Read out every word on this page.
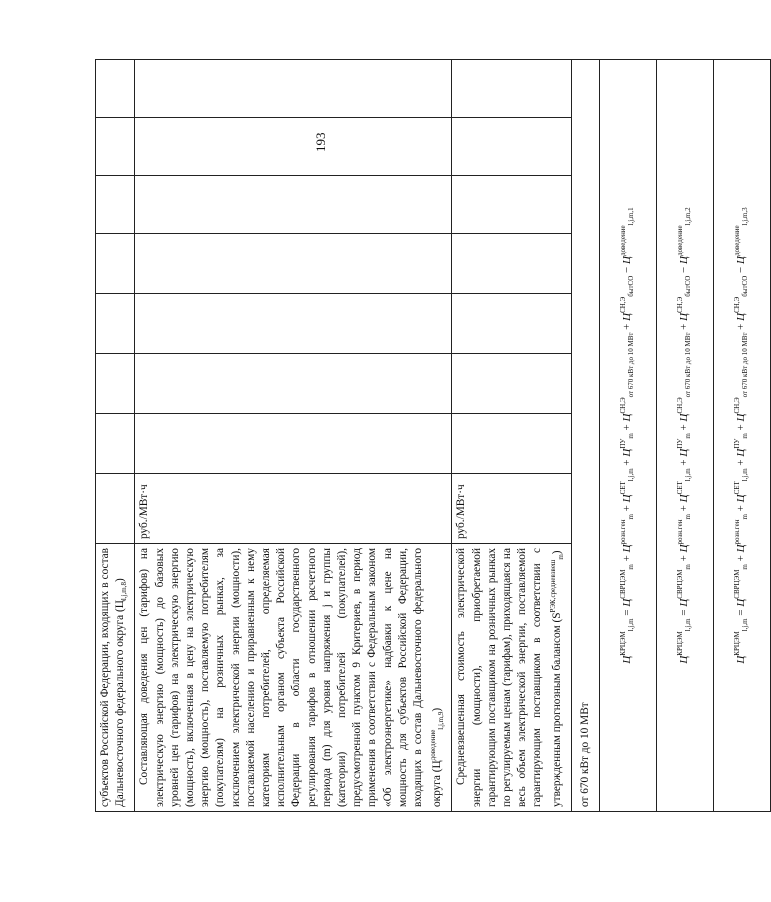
193
субъектов Российской Федерации, входящих в состав Дальневосточного федерального округа $(Ц_{l,j,m,8})$								
Составляющая доведения цен (тарифов) на электрическую энергию (мощность) до базовых уровней цен (тарифов) на электрическую энергию (мощность), включенная в цену на электрическую энергию (мощность), поставляемую потребителям (покупателям) на розничных рынках, за исключением электрической энергии (мощности), поставляемой населению и приравненным к нему категориям потребителей, определяемая исполнительным органом субъекта Российской Федерации в области государственного регулирования тарифов в отношении расчетного периода (m) для уровня напряжения j и группы (категории) потребителей (покупателей), предусмотренной пунктом 9 Критериев, в период применения в соответствии с Федеральным законом «Об электроэнергетике» надбавки к цене на мощность для субъектов Российской Федерации, входящих в состав Дальневосточного федерального округа $(Ц^{доведение}_{l,j,m,9})$	руб./МВт·ч							
Средневзвешенная стоимость электрической энергии (мощности), приобретаемой гарантирующим поставщиком на розничных рынках по регулируемым ценам (тарифам), приходящаяся на весь объем электрической энергии, поставляемой гарантирующим поставщиком в соответствии с утвержденным прогнозным балансом $(S^{РЭК,средневзвеш}_m)$	руб./МВт·ч							
от 670 кВт до 10 МВт								
$Ц^{КРЦЭМ}_{l,j,m} = Ц^{СВРЦЭМ}_m + Ц^{розн.ген}_m + Ц^{СЕТ}_{l,j,m} + Ц^{ПУ}_m + Ц^{СН,Э}_{от 670 кВт до 10 МВт} + Ц^{СН,Э}_{бытСО} - Ц^{доведение}_{l,j,m,1}$
$Ц^{КРЦЭМ}_{l,j,m} = Ц^{СВРЦЭМ}_m + Ц^{розн.ген}_m + Ц^{СЕТ}_{l,j,m} + Ц^{ПУ}_m + Ц^{СН,Э}_{от 670 кВт до 10 МВт} + Ц^{СН,Э}_{бытСО} - Ц^{доведение}_{l,j,m,2}$
$Ц^{КРЦЭМ}_{l,j,m} = Ц^{СВРЦЭМ}_m + Ц^{розн.ген}_m + Ц^{СЕТ}_{l,j,m} + Ц^{ПУ}_m + Ц^{СН,Э}_{от 670 кВт до 10 МВт} + Ц^{СН,Э}_{бытСО} - Ц^{доведение}_{l,j,m,3}$
